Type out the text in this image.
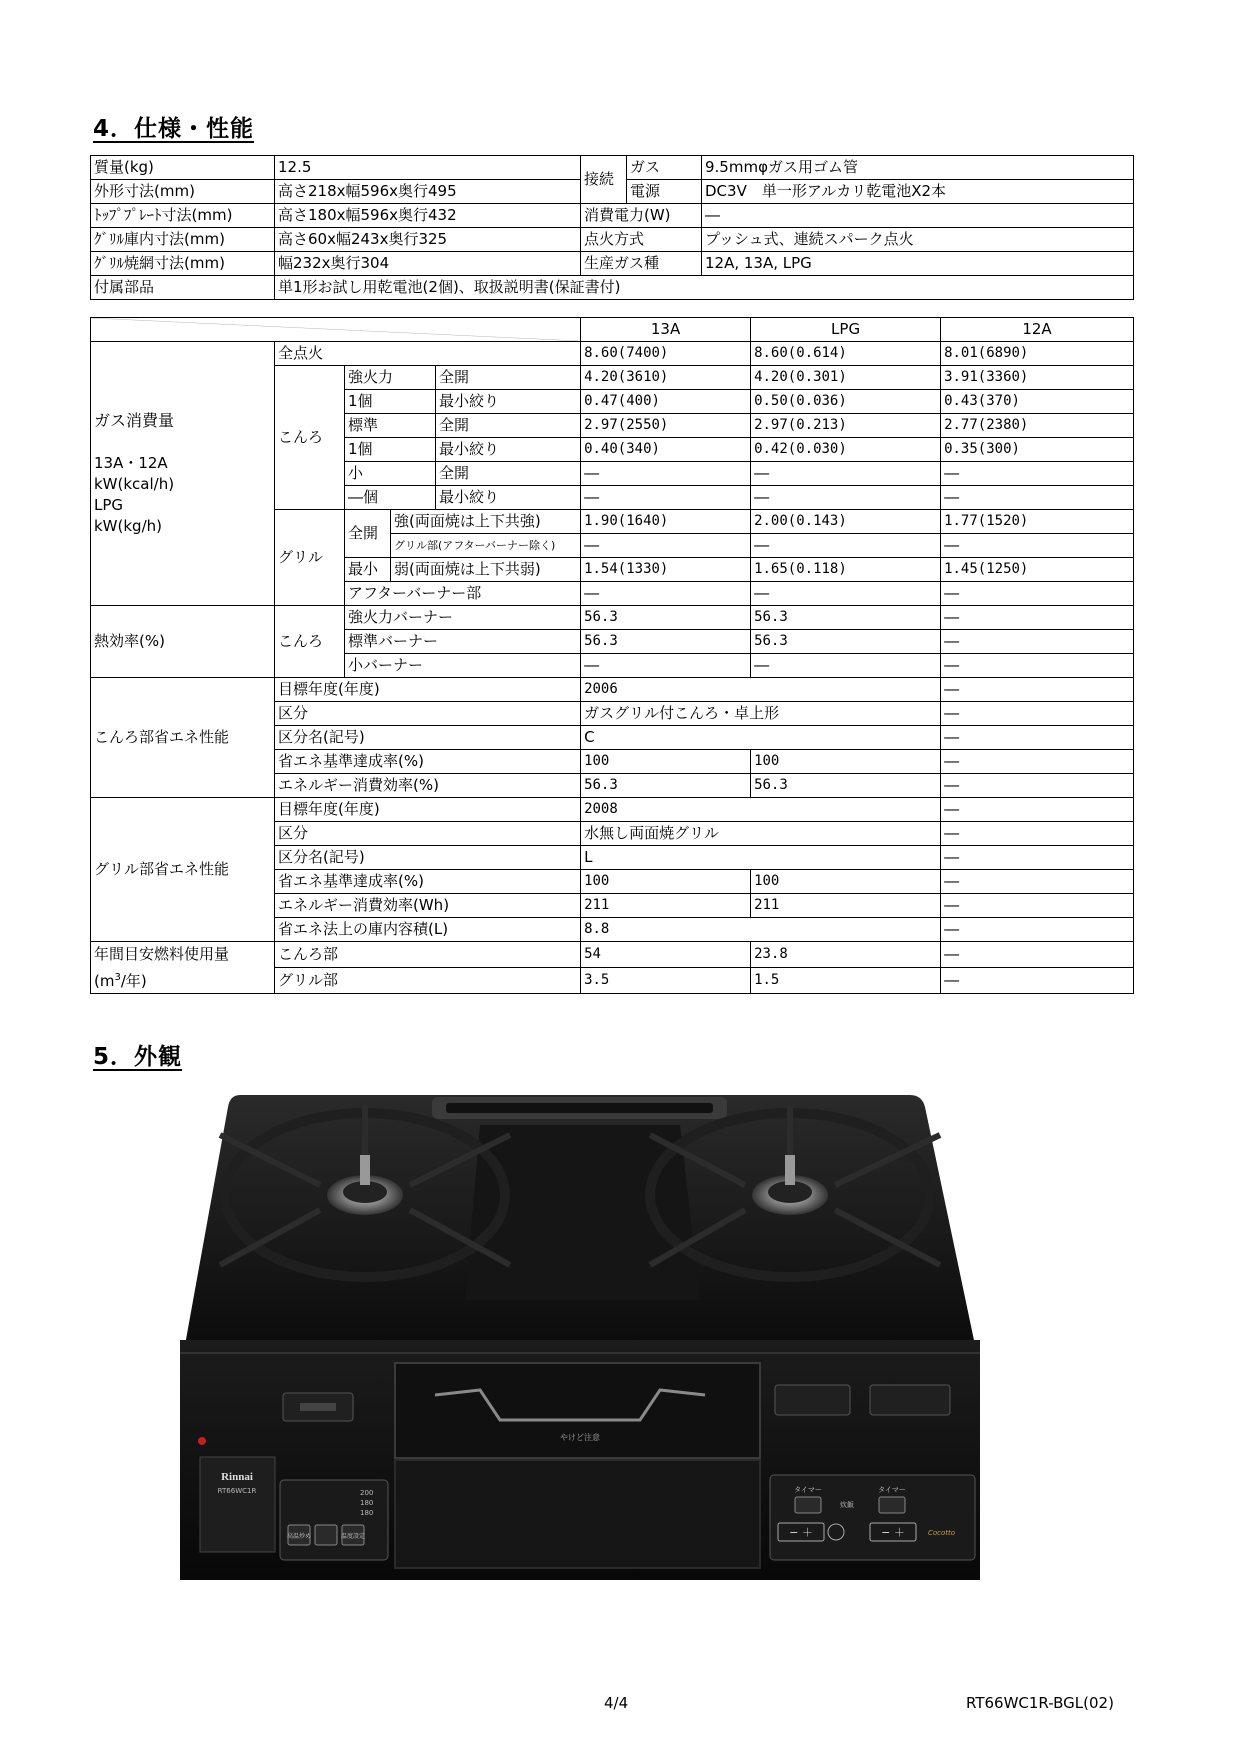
4．仕様・性能
質量(kg)	12.5	接続	ガス	9.5mmφガス用ゴム管
外形寸法(mm)	高さ218x幅596x奥行495		電源	DC3V　単一形アルカリ乾電池X2本
ﾄｯﾌﾟﾌﾟﾚｰﾄ寸法(mm)	高さ180x幅596x奥行432	消費電力(W)		―
ｸﾞﾘﾙ庫内寸法(mm)	高さ60x幅243x奥行325	点火方式		プッシュ式、連続スパーク点火
ｸﾞﾘﾙ焼網寸法(mm)	幅232x奥行304	生産ガス種		12A, 13A, LPG
付属部品	単1形お試し用乾電池(2個)、取扱説明書(保証書付)			
	13A	LPG	12A

ガス消費量
13A・12A
kW(kcal/h)
LPG
kW(kg/h)	全点火				8.60(7400)	8.60(0.614)	8.01(6890)
	こんろ	強火力		全開	4.20(3610)	4.20(0.301)	3.91(3360)
		1個		最小絞り	0.47(400)	0.50(0.036)	0.43(370)
		標準		全開	2.97(2550)	2.97(0.213)	2.77(2380)
		1個		最小絞り	0.40(340)	0.42(0.030)	0.35(300)
		小		全開	―	―	―
		―個		最小絞り	―	―	―
	グリル	全開	強(両面焼は上下共強)		1.90(1640)	2.00(0.143)	1.77(1520)
			グリル部(アフターバーナー除く)		―	―	―
		最小	弱(両面焼は上下共弱)		1.54(1330)	1.65(0.118)	1.45(1250)
		アフターバーナー部			―	―	―
熱効率(%)	こんろ	強火力バーナー			56.3	56.3	―
		標準バーナー			56.3	56.3	―
		小バーナー			―	―	―
こんろ部省エネ性能	目標年度(年度)				2006		―
	区分				ガスグリル付こんろ・卓上形		―
	区分名(記号)				C		―
	省エネ基準達成率(%)				100	100	―
	エネルギー消費効率(%)				56.3	56.3	―
グリル部省エネ性能	目標年度(年度)				2008		―
	区分				水無し両面焼グリル		―
	区分名(記号)				L		―
	省エネ基準達成率(%)				100	100	―
	エネルギー消費効率(Wh)				211	211	―
	省エネ法上の庫内容積(L)				8.8		―

年間目安燃料使用量
($m^3/$年)	こんろ部				54	23.8	―
	グリル部				3.5	1.5	―
5．外観
やけど注意
Rinnai
RT66WC1R	200
180
180
高温炒め	温度設定
タイマー	タイマー
炊飯
− ＋	− ＋	Cocotto
4/4	RT66WC1R-BGL(02)
